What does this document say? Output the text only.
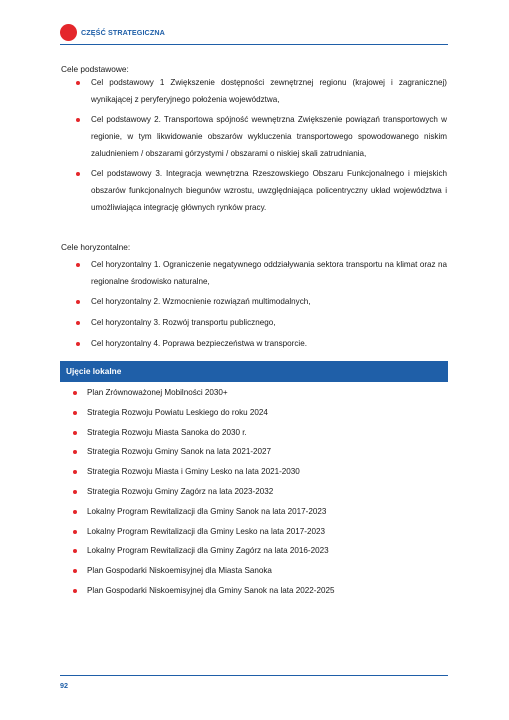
CZĘŚĆ STRATEGICZNA
Cele podstawowe:
Cel podstawowy 1 Zwiększenie dostępności zewnętrznej regionu (krajowej i zagranicznej) wynikającej z peryferyjnego położenia województwa,
Cel podstawowy 2. Transportowa spójność wewnętrzna Zwiększenie powiązań transportowych w regionie, w tym likwidowanie obszarów wykluczenia transportowego spowodowanego niskim zaludnieniem / obszarami górzystymi / obszarami o niskiej skali zatrudniania,
Cel podstawowy 3. Integracja wewnętrzna Rzeszowskiego Obszaru Funkcjonalnego i miejskich obszarów funkcjonalnych biegunów wzrostu, uwzględniająca policentryczny układ województwa i umożliwiająca integrację głównych rynków pracy.
Cele horyzontalne:
Cel horyzontalny 1. Ograniczenie negatywnego oddziaływania sektora transportu na klimat oraz na regionalne środowisko naturalne,
Cel horyzontalny 2. Wzmocnienie rozwiązań multimodalnych,
Cel horyzontalny 3. Rozwój transportu publicznego,
Cel horyzontalny 4. Poprawa bezpieczeństwa w transporcie.
Ujęcie lokalne
Plan Zrównoważonej Mobilności 2030+
Strategia Rozwoju Powiatu Leskiego do roku 2024
Strategia Rozwoju Miasta Sanoka do 2030 r.
Strategia Rozwoju Gminy Sanok na lata 2021-2027
Strategia Rozwoju Miasta i Gminy Lesko na lata 2021-2030
Strategia Rozwoju Gminy Zagórz na lata 2023-2032
Lokalny Program Rewitalizacji dla Gminy Sanok na lata 2017-2023
Lokalny Program Rewitalizacji dla Gminy Lesko na lata 2017-2023
Lokalny Program Rewitalizacji dla Gminy Zagórz na lata 2016-2023
Plan Gospodarki Niskoemisyjnej dla Miasta Sanoka
Plan Gospodarki Niskoemisyjnej dla Gminy Sanok na lata 2022-2025
92
